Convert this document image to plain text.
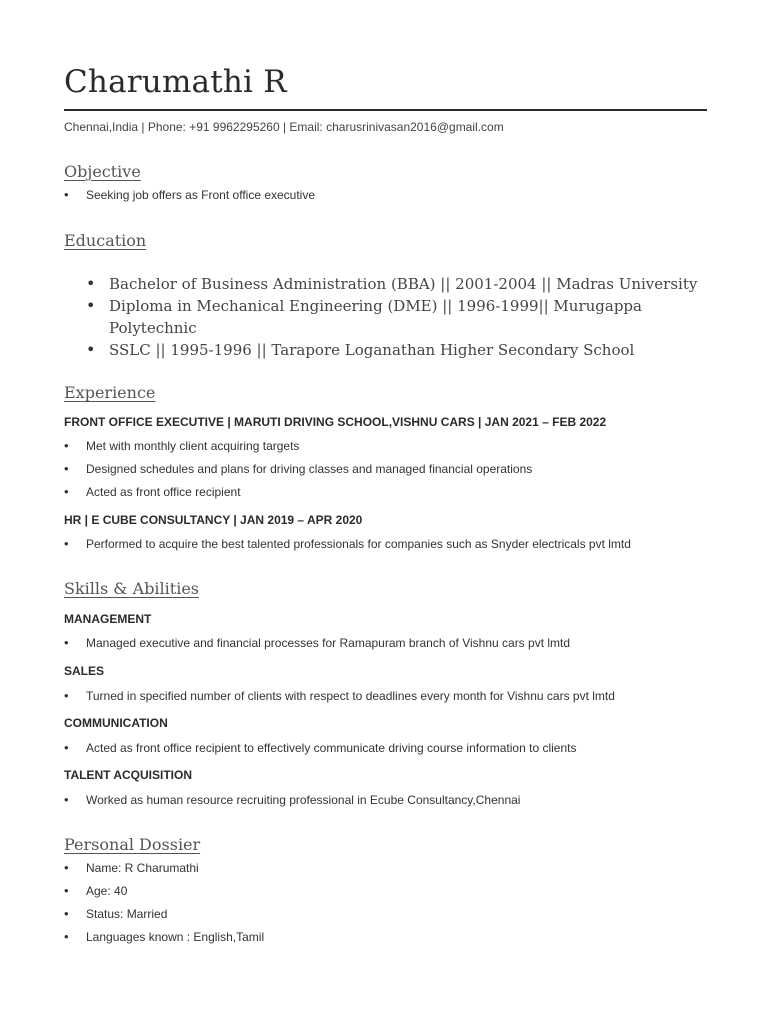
Charumathi R
Chennai,India | Phone: +91 9962295260 | Email: charusrinivasan2016@gmail.com
Objective
• Seeking job offers as Front office executive
Education
• Bachelor of Business Administration (BBA) || 2001-2004 || Madras University
• Diploma in Mechanical Engineering (DME) || 1996-1999|| Murugappa Polytechnic
• SSLC || 1995-1996 || Tarapore Loganathan Higher Secondary School
Experience
FRONT OFFICE EXECUTIVE | MARUTI DRIVING SCHOOL,VISHNU CARS | JAN 2021 – FEB 2022
• Met with monthly client acquiring targets
• Designed schedules and plans for driving classes and managed financial operations
• Acted as front office recipient
HR | E CUBE CONSULTANCY | JAN 2019 – APR 2020
• Performed to acquire the best talented professionals for companies such as Snyder electricals pvt lmtd
Skills & Abilities
MANAGEMENT
• Managed executive and financial processes for Ramapuram branch of Vishnu cars pvt lmtd
SALES
• Turned in specified number of clients with respect to deadlines every month for Vishnu cars pvt lmtd
COMMUNICATION
• Acted as front office recipient to effectively communicate driving course information to clients
TALENT ACQUISITION
• Worked as human resource recruiting professional in Ecube Consultancy,Chennai
Personal Dossier
• Name: R Charumathi
• Age: 40
• Status: Married
• Languages known : English,Tamil
